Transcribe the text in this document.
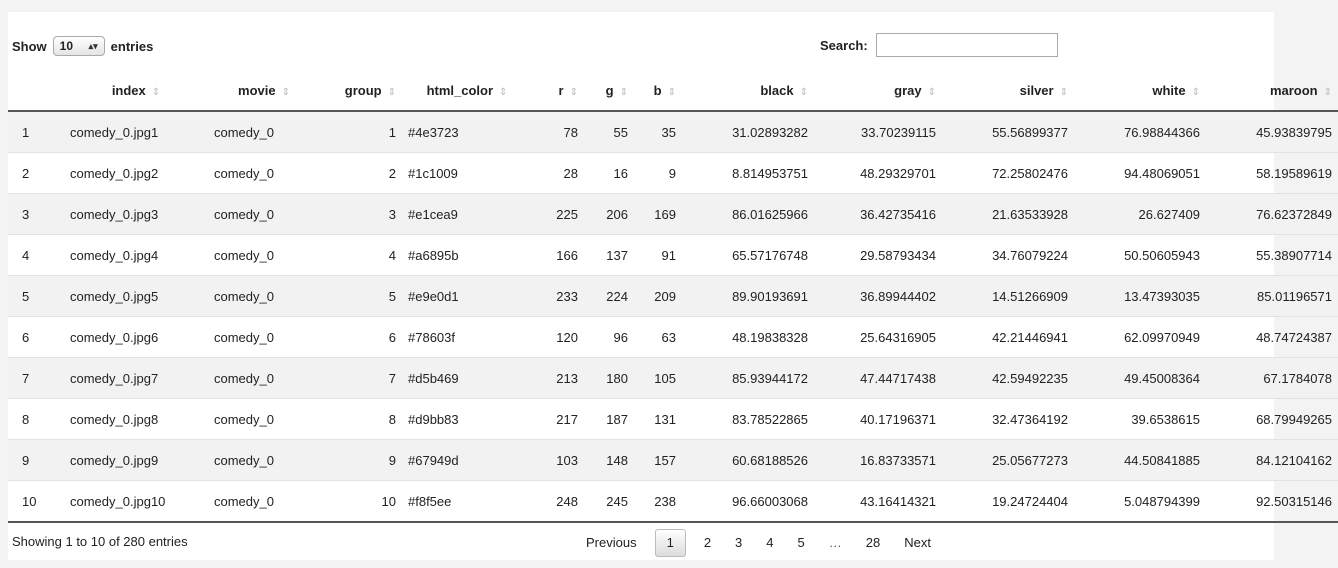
Show 10 ▴▾ entries	Search:
	index ⇕	movie ⇕	group ⇕	html_color ⇕	r ⇕	g ⇕	b ⇕	black ⇕	gray ⇕	silver ⇕	white ⇕	maroon ⇕
1	comedy_0.jpg1	comedy_0	1	#4e3723	78	55	35	31.02893282	33.70239115	55.56899377	76.98844366	45.93839795
2	comedy_0.jpg2	comedy_0	2	#1c1009	28	16	9	8.814953751	48.29329701	72.25802476	94.48069051	58.19589619
3	comedy_0.jpg3	comedy_0	3	#e1cea9	225	206	169	86.01625966	36.42735416	21.63533928	26.627409	76.62372849
4	comedy_0.jpg4	comedy_0	4	#a6895b	166	137	91	65.57176748	29.58793434	34.76079224	50.50605943	55.38907714
5	comedy_0.jpg5	comedy_0	5	#e9e0d1	233	224	209	89.90193691	36.89944402	14.51266909	13.47393035	85.01196571
6	comedy_0.jpg6	comedy_0	6	#78603f	120	96	63	48.19838328	25.64316905	42.21446941	62.09970949	48.74724387
7	comedy_0.jpg7	comedy_0	7	#d5b469	213	180	105	85.93944172	47.44717438	42.59492235	49.45008364	67.1784078
8	comedy_0.jpg8	comedy_0	8	#d9bb83	217	187	131	83.78522865	40.17196371	32.47364192	39.6538615	68.79949265
9	comedy_0.jpg9	comedy_0	9	#67949d	103	148	157	60.68188526	16.83733571	25.05677273	44.50841885	84.12104162
10	comedy_0.jpg10	comedy_0	10	#f8f5ee	248	245	238	96.66003068	43.16414321	19.24724404	5.048794399	92.50315146
Showing 1 to 10 of 280 entries	Previous	1	2	3	4	5	…	28	Next
